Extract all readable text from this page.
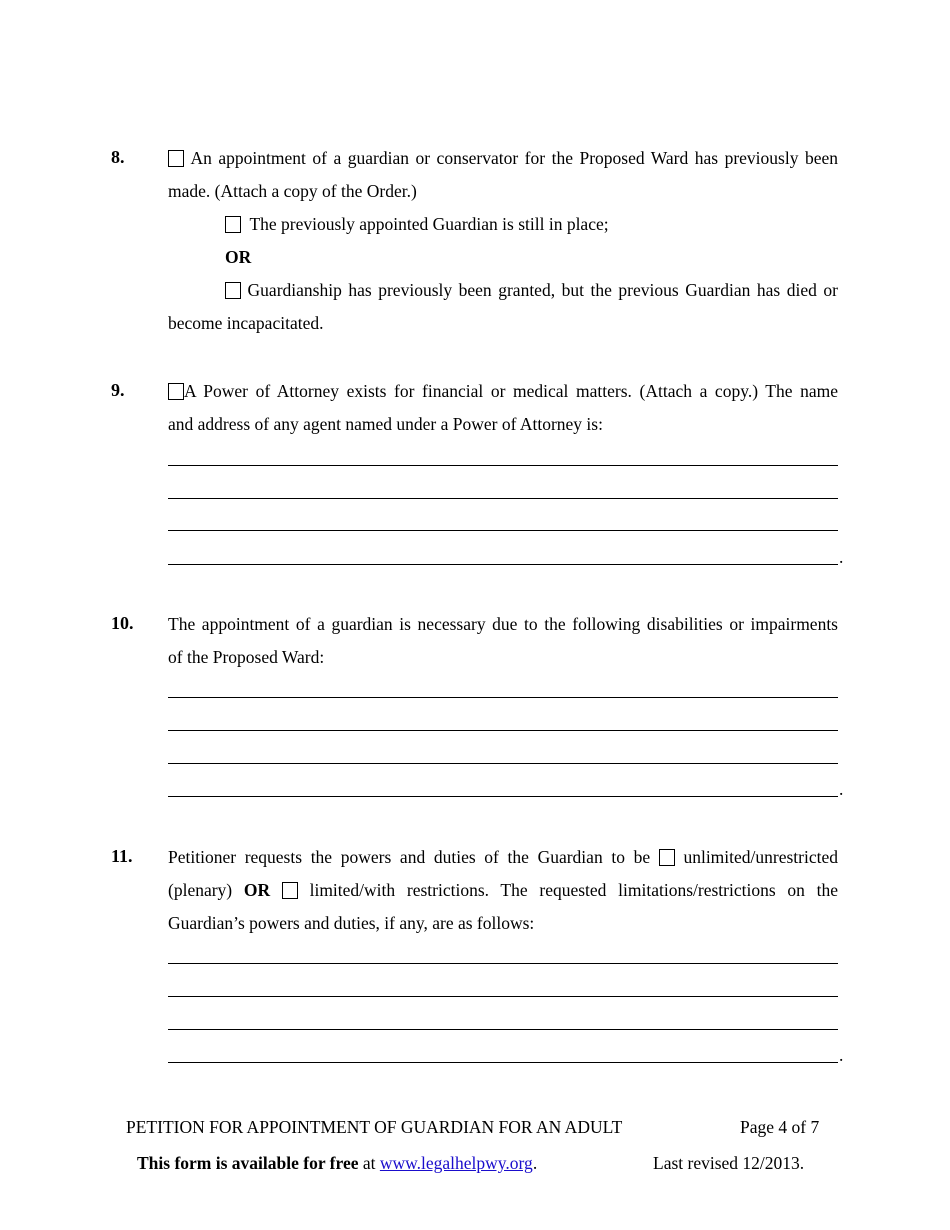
8.	An appointment of a guardian or conservator for the Proposed Ward has previously been
made. (Attach a copy of the Order.)
The previously appointed Guardian is still in place;
OR
Guardianship has previously been granted, but the previous Guardian has died or
become incapacitated.
9.	A Power of Attorney exists for financial or medical matters. (Attach a copy.) The name
and address of any agent named under a Power of Attorney is:
.
10. The appointment of a guardian is necessary due to the following disabilities or impairments
of the Proposed Ward:
.
11. Petitioner requests the powers and duties of the Guardian to be unlimited/unrestricted
(plenary) OR limited/with restrictions. The requested limitations/restrictions on the
Guardian’s powers and duties, if any, are as follows:
.
PETITION FOR APPOINTMENT OF GUARDIAN FOR AN ADULT	Page 4 of 7
This form is available for free at www.legalhelpwy.org.	Last revised 12/2013.
